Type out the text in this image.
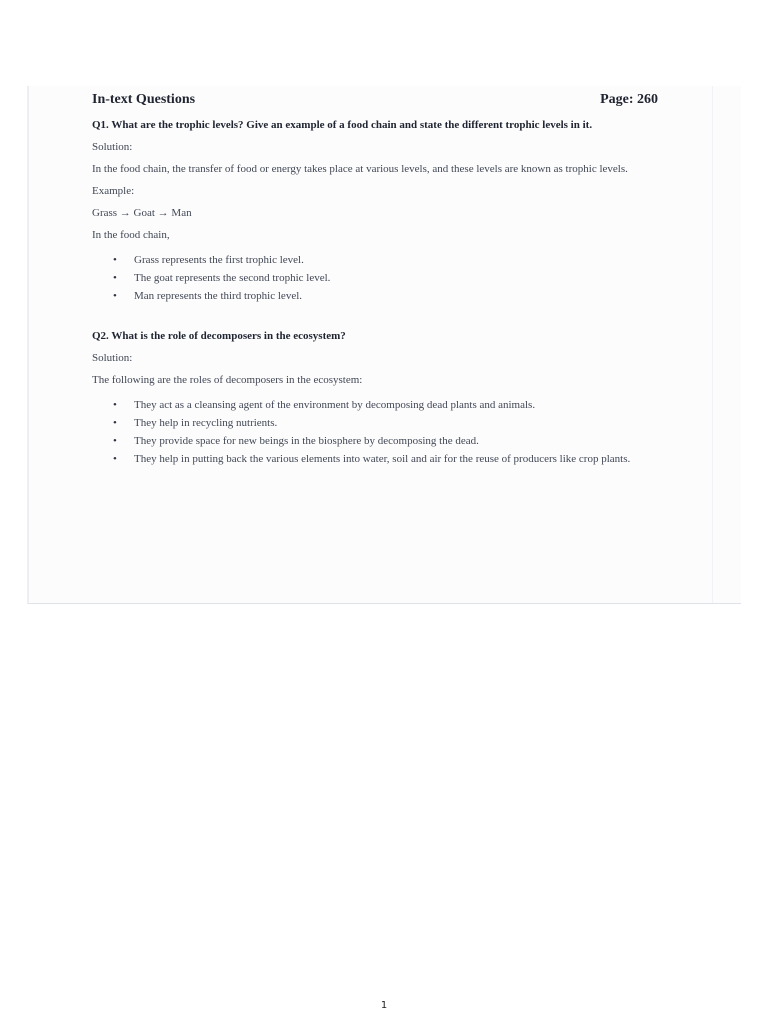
In-text Questions	Page: 260

Q1. What are the trophic levels? Give an example of a food chain and state the different trophic levels in it.

Solution:

In the food chain, the transfer of food or energy takes place at various levels, and these levels are known as trophic levels.

Example:

Grass → Goat → Man

In the food chain,

• Grass represents the first trophic level.
• The goat represents the second trophic level.
• Man represents the third trophic level.

Q2. What is the role of decomposers in the ecosystem?

Solution:

The following are the roles of decomposers in the ecosystem:

• They act as a cleansing agent of the environment by decomposing dead plants and animals.
• They help in recycling nutrients.
• They provide space for new beings in the biosphere by decomposing the dead.
• They help in putting back the various elements into water, soil and air for the reuse of producers like crop plants.
1
